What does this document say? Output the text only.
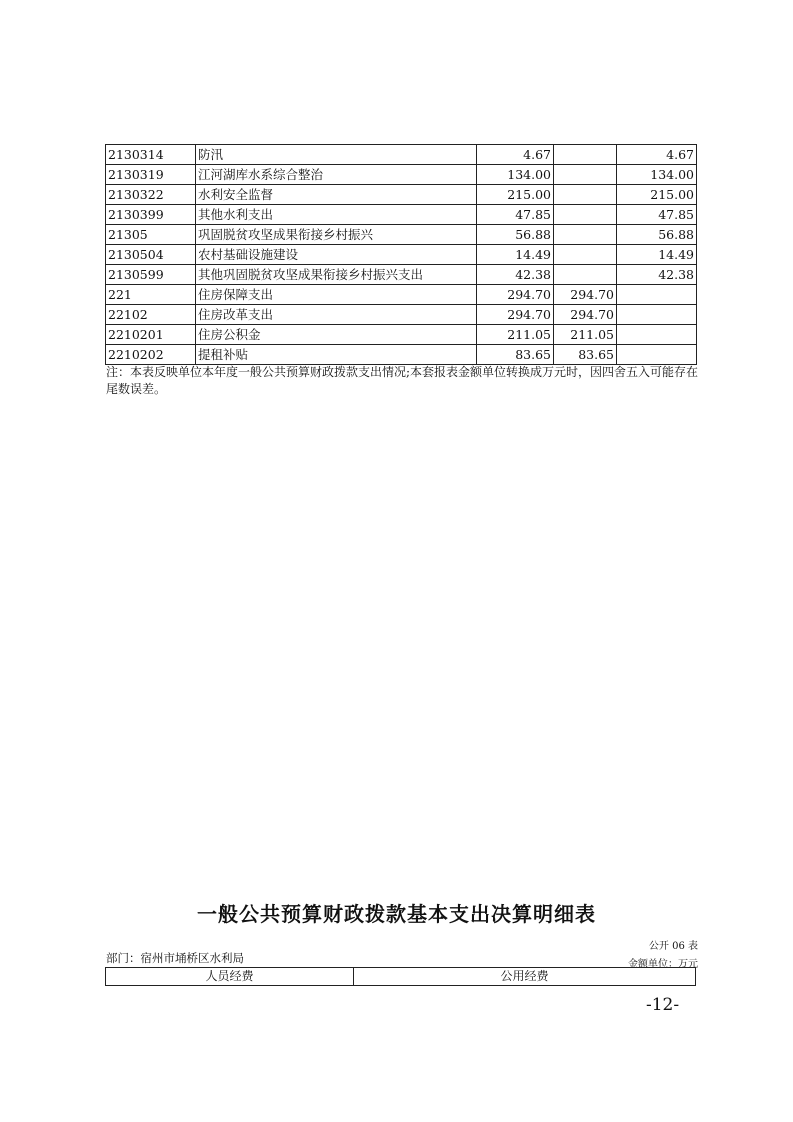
2130314	防汛	4.67		4.67
2130319	江河湖库水系综合整治	134.00		134.00
2130322	水利安全监督	215.00		215.00
2130399	其他水利支出	47.85		47.85
21305	巩固脱贫攻坚成果衔接乡村振兴	56.88		56.88
2130504	农村基础设施建设	14.49		14.49
2130599	其他巩固脱贫攻坚成果衔接乡村振兴支出	42.38		42.38
221	住房保障支出	294.70	294.70	
22102	住房改革支出	294.70	294.70	
2210201	住房公积金	211.05	211.05	
2210202	提租补贴	83.65	83.65	

注：本表反映单位本年度一般公共预算财政拨款支出情况;本套报表金额单位转换成万元时，因四舍五入可能存在尾数误差。

一般公共预算财政拨款基本支出决算明细表

公开 06 表

部门：宿州市埇桥区水利局	金额单位：万元

人员经费	公用经费

-12-
